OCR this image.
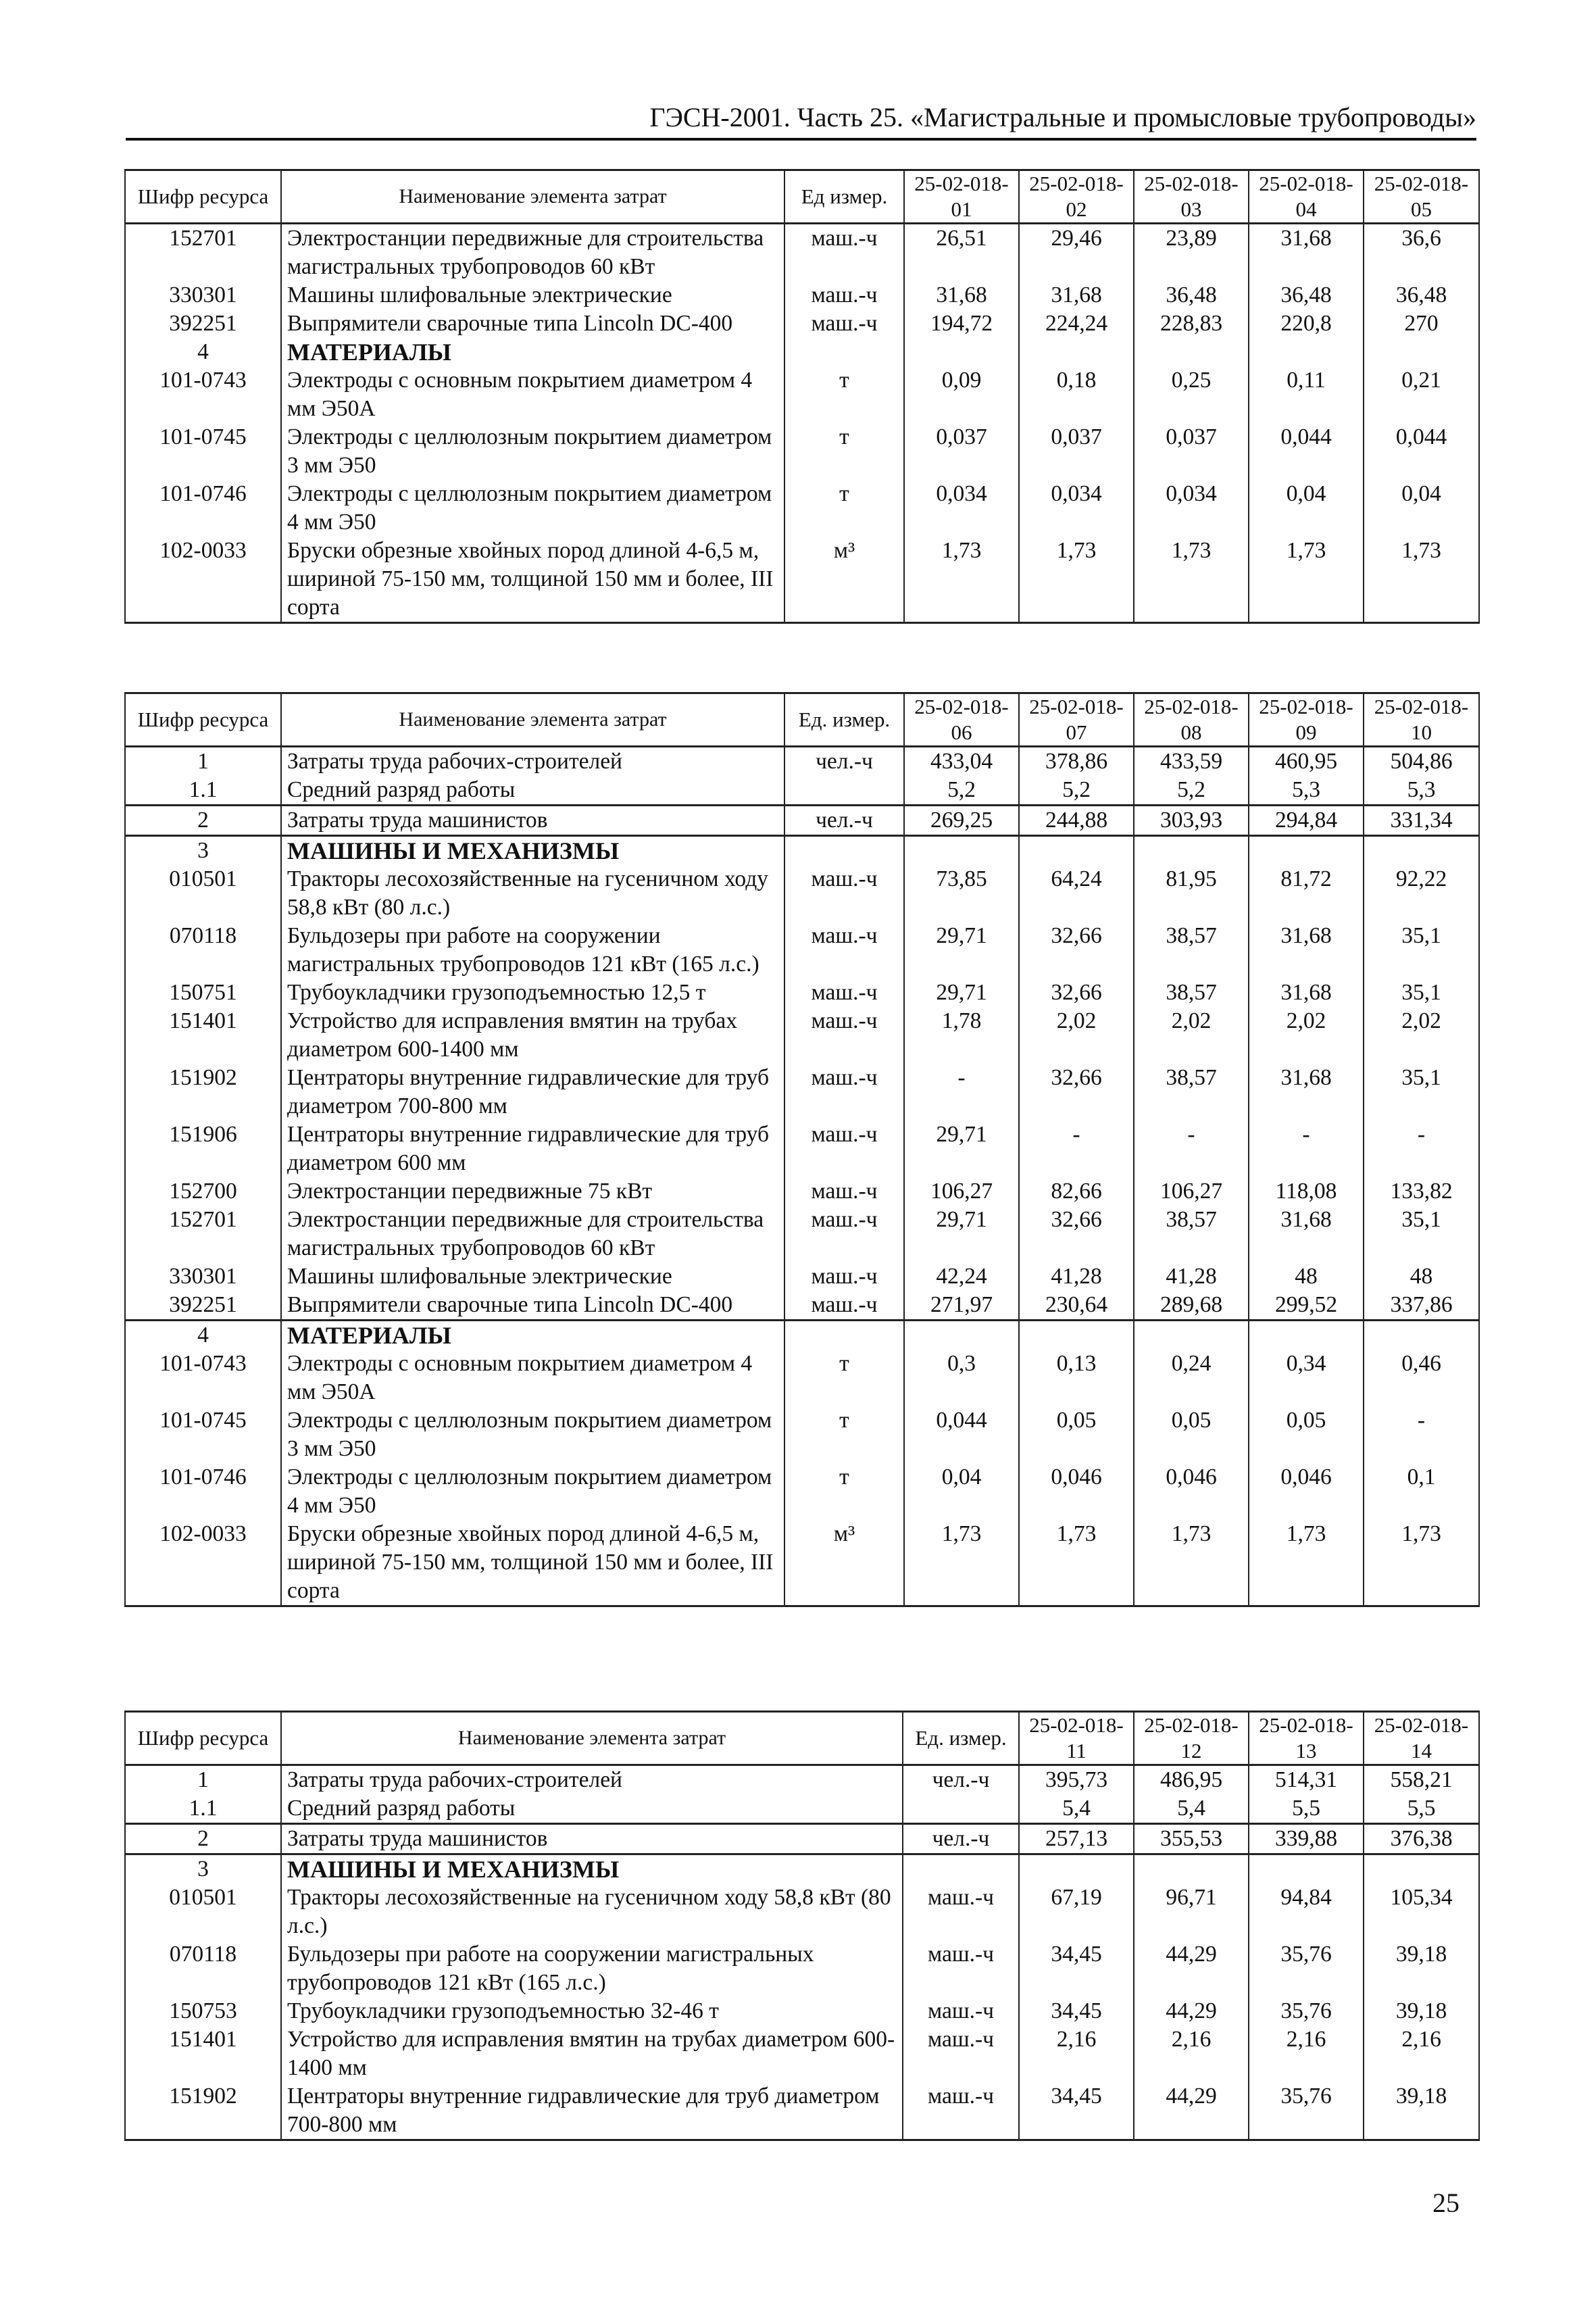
ГЭСН-2001. Часть 25. «Магистральные и промысловые трубопроводы»
Шифр ресурса	Наименование элемента затрат	Ед измер.	25-02-018-01	25-02-018-02	25-02-018-03	25-02-018-04	25-02-018-05
152701	Электростанции передвижные для строительства магистральных трубопроводов 60 кВт	маш.-ч	26,51	29,46	23,89	31,68	36,6
330301	Машины шлифовальные электрические	маш.-ч	31,68	31,68	36,48	36,48	36,48
392251	Выпрямители сварочные типа Lincoln DC-400	маш.-ч	194,72	224,24	228,83	220,8	270
4	МАТЕРИАЛЫ						
101-0743	Электроды с основным покрытием диаметром 4 мм Э50А	т	0,09	0,18	0,25	0,11	0,21
101-0745	Электроды с целлюлозным покрытием диаметром 3 мм Э50	т	0,037	0,037	0,037	0,044	0,044
101-0746	Электроды с целлюлозным покрытием диаметром 4 мм Э50	т	0,034	0,034	0,034	0,04	0,04
102-0033	Бруски обрезные хвойных пород длиной 4-6,5 м, шириной 75-150 мм, толщиной 150 мм и более, III сорта	м³	1,73	1,73	1,73	1,73	1,73
Шифр ресурса	Наименование элемента затрат	Ед. измер.	25-02-018-06	25-02-018-07	25-02-018-08	25-02-018-09	25-02-018-10
1	Затраты труда рабочих-строителей	чел.-ч	433,04	378,86	433,59	460,95	504,86
1.1	Средний разряд работы		5,2	5,2	5,2	5,3	5,3
2	Затраты труда машинистов	чел.-ч	269,25	244,88	303,93	294,84	331,34
3	МАШИНЫ И МЕХАНИЗМЫ						
010501	Тракторы лесохозяйственные на гусеничном ходу 58,8 кВт (80 л.с.)	маш.-ч	73,85	64,24	81,95	81,72	92,22
070118	Бульдозеры при работе на сооружении магистральных трубопроводов 121 кВт (165 л.с.)	маш.-ч	29,71	32,66	38,57	31,68	35,1
150751	Трубоукладчики грузоподъемностью 12,5 т	маш.-ч	29,71	32,66	38,57	31,68	35,1
151401	Устройство для исправления вмятин на трубах диаметром 600-1400 мм	маш.-ч	1,78	2,02	2,02	2,02	2,02
151902	Центраторы внутренние гидравлические для труб диаметром 700-800 мм	маш.-ч	-	32,66	38,57	31,68	35,1
151906	Центраторы внутренние гидравлические для труб диаметром 600 мм	маш.-ч	29,71	-	-	-	-
152700	Электростанции передвижные 75 кВт	маш.-ч	106,27	82,66	106,27	118,08	133,82
152701	Электростанции передвижные для строительства магистральных трубопроводов 60 кВт	маш.-ч	29,71	32,66	38,57	31,68	35,1
330301	Машины шлифовальные электрические	маш.-ч	42,24	41,28	41,28	48	48
392251	Выпрямители сварочные типа Lincoln DC-400	маш.-ч	271,97	230,64	289,68	299,52	337,86
4	МАТЕРИАЛЫ						
101-0743	Электроды с основным покрытием диаметром 4 мм Э50А	т	0,3	0,13	0,24	0,34	0,46
101-0745	Электроды с целлюлозным покрытием диаметром 3 мм Э50	т	0,044	0,05	0,05	0,05	-
101-0746	Электроды с целлюлозным покрытием диаметром 4 мм Э50	т	0,04	0,046	0,046	0,046	0,1
102-0033	Бруски обрезные хвойных пород длиной 4-6,5 м, шириной 75-150 мм, толщиной 150 мм и более, III сорта	м³	1,73	1,73	1,73	1,73	1,73
Шифр ресурса	Наименование элемента затрат	Ед. измер.	25-02-018-11	25-02-018-12	25-02-018-13	25-02-018-14
1	Затраты труда рабочих-строителей	чел.-ч	395,73	486,95	514,31	558,21
1.1	Средний разряд работы		5,4	5,4	5,5	5,5
2	Затраты труда машинистов	чел.-ч	257,13	355,53	339,88	376,38
3	МАШИНЫ И МЕХАНИЗМЫ					
010501	Тракторы лесохозяйственные на гусеничном ходу 58,8 кВт (80 л.с.)	маш.-ч	67,19	96,71	94,84	105,34
070118	Бульдозеры при работе на сооружении магистральных трубопроводов 121 кВт (165 л.с.)	маш.-ч	34,45	44,29	35,76	39,18
150753	Трубоукладчики грузоподъемностью 32-46 т	маш.-ч	34,45	44,29	35,76	39,18
151401	Устройство для исправления вмятин на трубах диаметром 600-1400 мм	маш.-ч	2,16	2,16	2,16	2,16
151902	Центраторы внутренние гидравлические для труб диаметром 700-800 мм	маш.-ч	34,45	44,29	35,76	39,18
25
